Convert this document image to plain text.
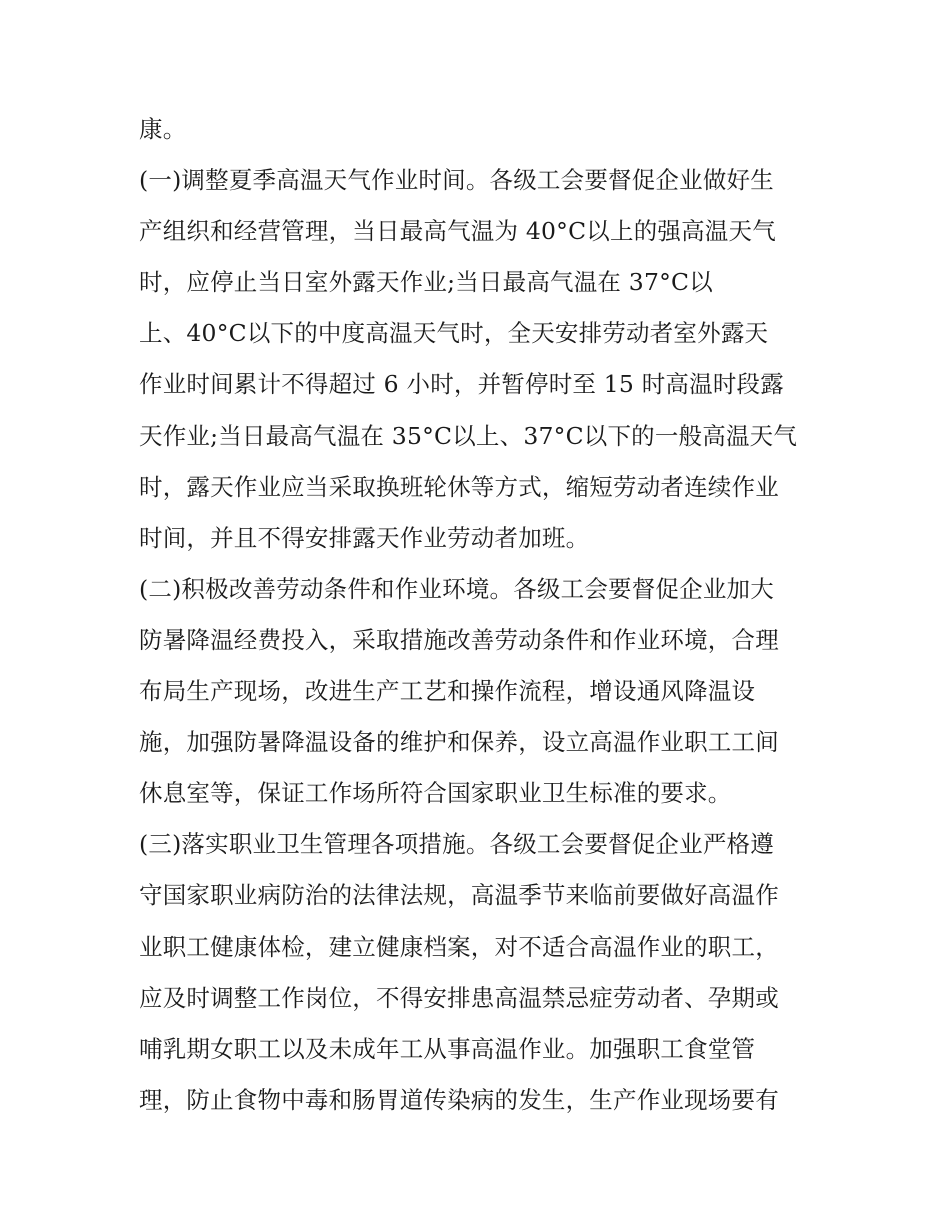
康。
(一)调整夏季高温天气作业时间。各级工会要督促企业做好生
产组织和经营管理，当日最高气温为 40°C以上的强高温天气
时，应停止当日室外露天作业;当日最高气温在 37°C以
上、40°C以下的中度高温天气时，全天安排劳动者室外露天
作业时间累计不得超过 6 小时，并暂停时至 15 时高温时段露
天作业;当日最高气温在 35°C以上、37°C以下的一般高温天气
时，露天作业应当采取换班轮休等方式，缩短劳动者连续作业
时间，并且不得安排露天作业劳动者加班。
(二)积极改善劳动条件和作业环境。各级工会要督促企业加大
防暑降温经费投入，采取措施改善劳动条件和作业环境，合理
布局生产现场，改进生产工艺和操作流程，增设通风降温设
施，加强防暑降温设备的维护和保养，设立高温作业职工工间
休息室等，保证工作场所符合国家职业卫生标准的要求。
(三)落实职业卫生管理各项措施。各级工会要督促企业严格遵
守国家职业病防治的法律法规，高温季节来临前要做好高温作
业职工健康体检，建立健康档案，对不适合高温作业的职工，
应及时调整工作岗位，不得安排患高温禁忌症劳动者、孕期或
哺乳期女职工以及未成年工从事高温作业。加强职工食堂管
理，防止食物中毒和肠胃道传染病的发生，生产作业现场要有
